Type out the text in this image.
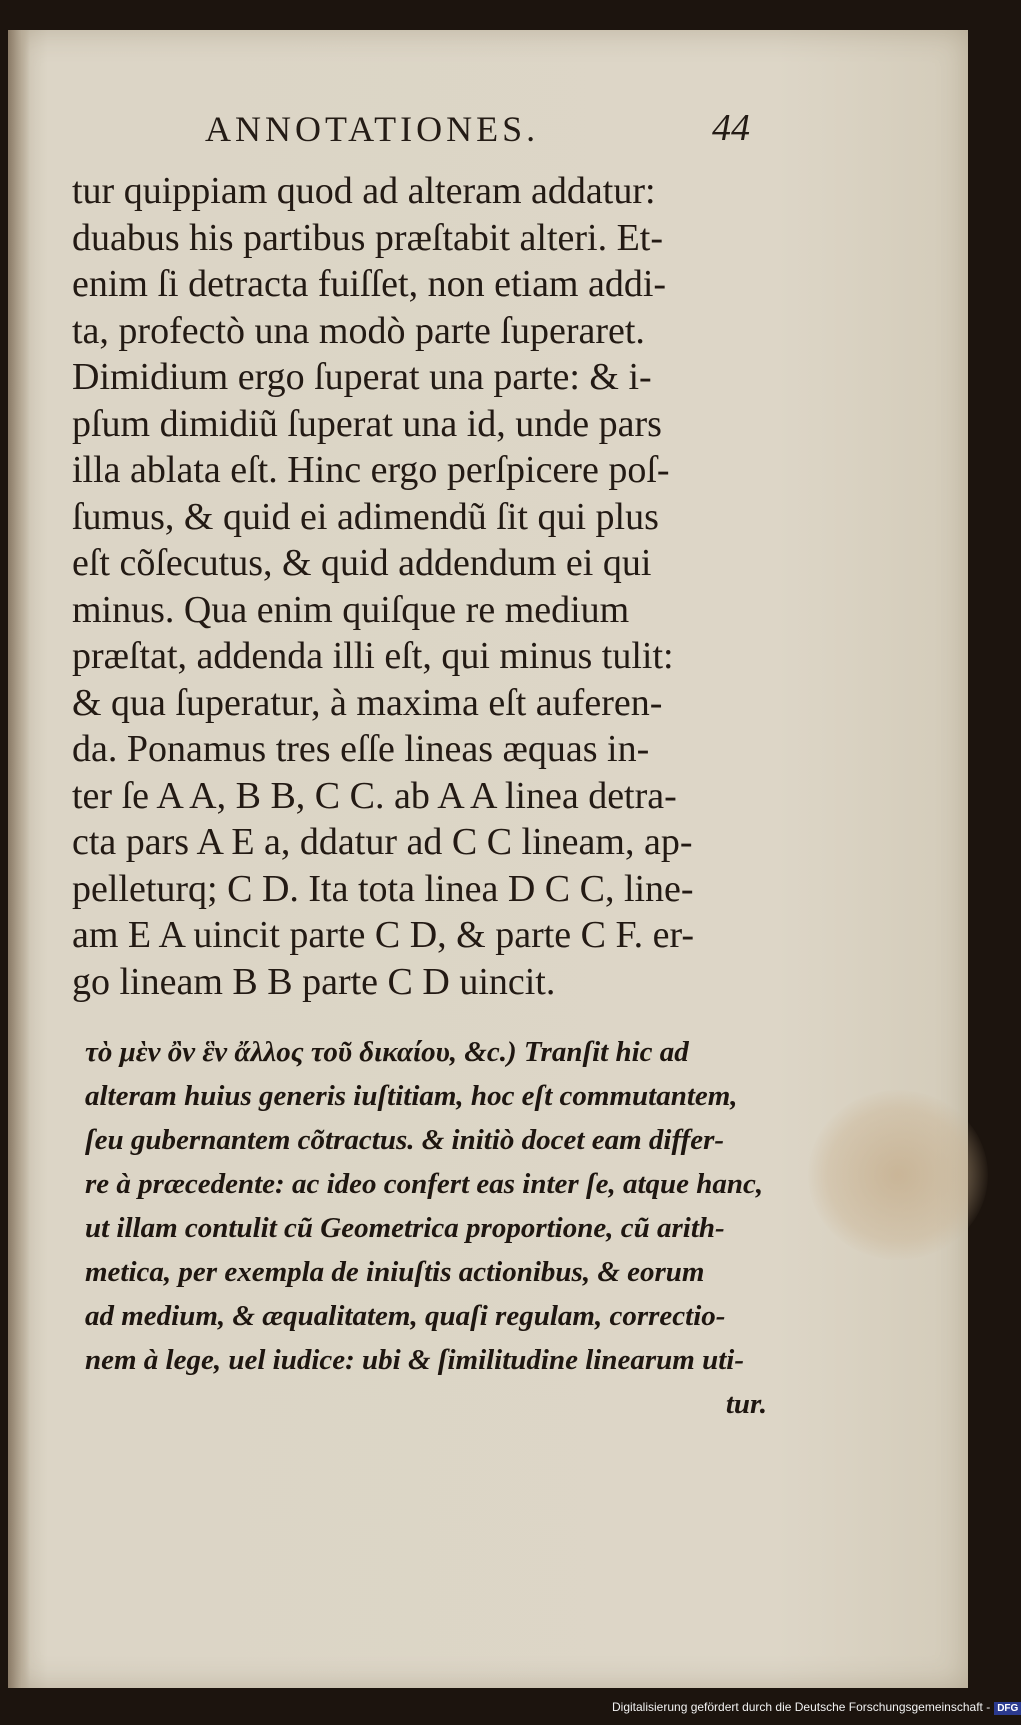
ANNOTATIONES.	44
tur quippiam quod ad alteram addatur:
duabus his partibus præſtabit alteri. Et-
enim ſi detracta fuiſſet, non etiam addi-
ta, profectò una modò parte ſuperaret.
Dimidium ergo ſuperat una parte: & i-
pſum dimidiũ ſuperat una id, unde pars
illa ablata eſt. Hinc ergo perſpicere poſ-
ſumus, & quid ei adimendũ ſit qui plus
eſt cõſecutus, & quid addendum ei qui
minus. Qua enim quiſque re medium
præſtat, addenda illi eſt, qui minus tulit:
& qua ſuperatur, à maxima eſt auferen-
da. Ponamus tres eſſe lineas æquas in-
ter ſe A A, B B, C C. ab A A linea detra-
cta pars A E a, ddatur ad C C lineam, ap-
pelleturq; C D. Ita tota linea D C C, line-
am E A uincit parte C D, & parte C F. er-
go lineam B B parte C D uincit.
τὸ μὲν ὂν ἓν ἄλλος τοῦ δικαίου, &c.) Tranſit hic ad
alteram huius generis iuſtitiam, hoc eſt commutantem,
ſeu gubernantem cõtractus. & initiò docet eam differ-
re à præcedente: ac ideo confert eas inter ſe, atque hanc,
ut illam contulit cũ Geometrica proportione, cũ arith-
metica, per exempla de iniuſtis actionibus, & eorum
ad medium, & æqualitatem, quaſi regulam, correctio-
nem à lege, uel iudice: ubi & ſimilitudine linearum uti-
tur.
Digitalisierung gefördert durch die Deutsche Forschungsgemeinschaft - DFG
